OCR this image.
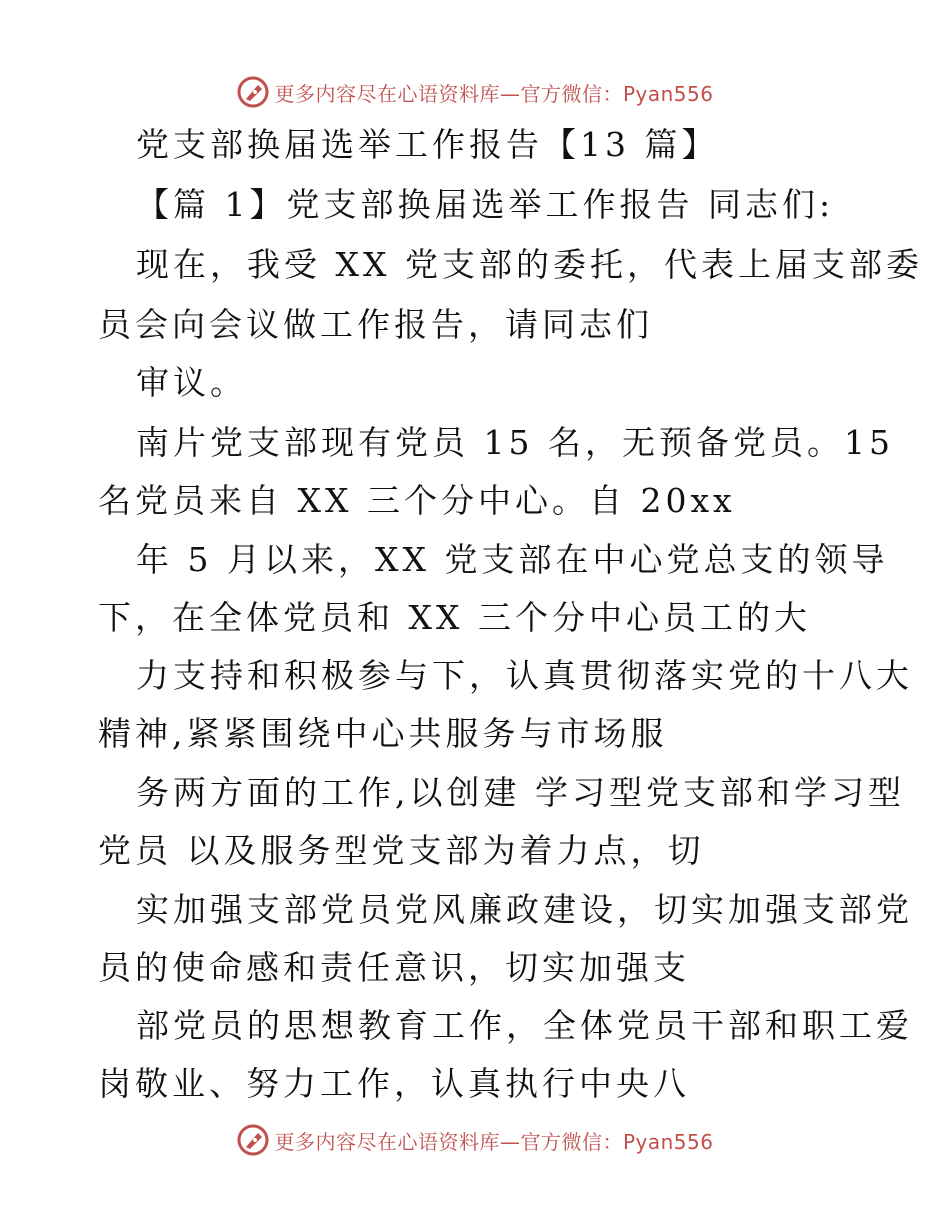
更多内容尽在心语资料库—官方微信：Pyan556
党支部换届选举工作报告【13 篇】
【篇 1】党支部换届选举工作报告 同志们:
现在，我受 XX 党支部的委托，代表上届支部委
员会向会议做工作报告，请同志们
审议。
南片党支部现有党员 15 名，无预备党员。15
名党员来自 XX 三个分中心。自 20xx
年 5 月以来，XX 党支部在中心党总支的领导
下，在全体党员和 XX 三个分中心员工的大
力支持和积极参与下，认真贯彻落实党的十八大
精神,紧紧围绕中心共服务与市场服
务两方面的工作,以创建 学习型党支部和学习型
党员 以及服务型党支部为着力点，切
实加强支部党员党风廉政建设，切实加强支部党
员的使命感和责任意识，切实加强支
部党员的思想教育工作，全体党员干部和职工爱
岗敬业、努力工作，认真执行中央八
更多内容尽在心语资料库—官方微信：Pyan556
